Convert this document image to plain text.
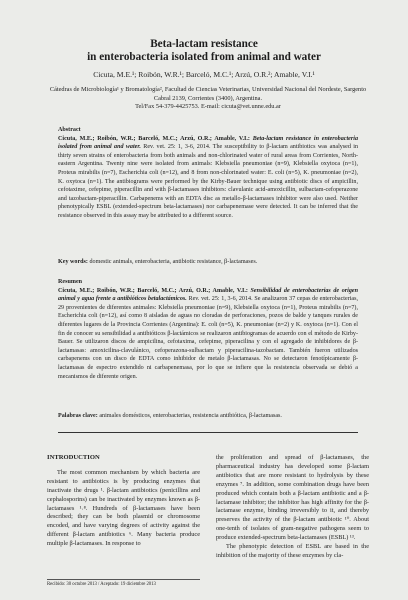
Beta-lactam resistance
in enterobacteria isolated from animal and water
Cicuta, M.E.¹; Roibón, W.R.¹; Barceló, M.C.¹; Arzú, O.R.²; Amable, V.I.¹
Cátedras de Microbiología¹ y Bromatología², Facultad de Ciencias Veterinarias, Universidad Nacional del Nordeste, Sargento Cabral 2139, Corrientes (3400), Argentina.
Tel/Fax 54-379-4425753. E-mail: cicuta@vet.unne.edu.ar
Abstract
Cicuta, M.E.; Roibón, W.R.; Barceló, M.C.; Arzú, O.R.; Amable, V.I.: Beta-lactam resistance in enterobacteria isolated from animal and water. Rev. vet. 25: 1, 3-6, 2014. The susceptibility to β-lactam antibiotics was analysed in thirty seven strains of enterobacteria from both animals and non-chlorinated water of rural areas from Corrientes, North-eastern Argentina. Twenty nine were isolated from animals: Klebsiella pneumoniae (n=9), Klebsiella oxytoca (n=1), Proteus mirabilis (n=7), Escherichia coli (n=12), and 8 from non-chlorinated water: E. coli (n=5), K. pneumoniae (n=2), K. oxytoca (n=1). The antibiograms were performed by the Kirby-Bauer technique using antibiotic discs of ampicillin, cefotaxime, cefepime, piperacillin and with β-lactamases inhibitors: clavulanic acid-amoxicillin, sulbactam-cefoperazone and tazobactam-piperacillin. Carbapenems with an EDTA disc as metallo-β-lactamases inhibitor were also used. Neither phenotypically ESBL (extended-spectrum beta-lactamases) nor carbapenemase were detected. It can be inferred that the resistance observed in this assay may be attributed to a different source.
Key words: domestic animals, enterobacteria, antibiotic resistance, β-lactamases.
Resumen
Cicuta, M.E.; Roibón, W.R.; Barceló, M.C.; Arzú, O.R.; Amable, V.I.: Sensibilidad de enterobacterias de origen animal y agua frente a antibióticos betalactámicos. Rev. vet. 25: 1, 3-6, 2014. Se analizaron 37 cepas de enterobacterias, 29 provenientes de diferentes animales: Klebsiella pneumoniae (n=9), Klebsiella oxytoca (n=1), Proteus mirabilis (n=7), Escherichia coli (n=12), así como 8 aisladas de aguas no cloradas de perforaciones, pozos de balde y tanques rurales de diferentes lugares de la Provincia Corrientes (Argentina): E. coli (n=5), K. pneumoniae (n=2) y K. oxytoca (n=1). Con el fin de conocer su sensibilidad a antibióticos β-lactámicos se realizaron antibiogramas de acuerdo con el método de Kirby-Bauer. Se utilizaron discos de ampicilina, cefotaxima, cefepime, piperacilina y con el agregado de inhibidores de β-lactamasas: amoxicilina-clavulánico, cefoperazona-sulbactam y piperacilina-tazobactam. También fueron utilizados carbapenems con un disco de EDTA como inhibidor de metalo β-lactamasas. No se detectaron fenotípicamente β-lactamasas de espectro extendido ni carbapenemasa, por lo que se infiere que la resistencia observada se debió a mecanismos de diferente origen.
Palabras clave: animales domésticos, enterobacterias, resistencia antibiótica, β-lactamasas.
INTRODUCTION

The most common mechanism by which bacteria are resistant to antibiotics is by producing enzymes that inactivate the drugs ¹. β-lactam antibiotics (penicillins and cephalosporins) can be inactivated by enzymes known as β-lactamases ¹˒⁸. Hundreds of β-lactamases have been described; they can be both plasmid or chromosome encoded, and have varying degrees of activity against the different β-lactam antibiotics ⁶. Many bacteria produce multiple β-lactamases. In response to

the proliferation and spread of β-lactamases, the pharmaceutical industry has developed some β-lactam antibiotics that are more resistant to hydrolysis by these enzymes ⁷. In addition, some combination drugs have been produced which contain both a β-lactam antibiotic and a β-lactamase inhibitor; the inhibitor has high affinity for the β-lactamase enzyme, binding irreversibly to it, and thereby preserves the activity of the β-lactam antibiotic ¹⁰. About one-tenth of isolates of gram-negative pathogens seem to produce extended-spectrum beta-lactamases (ESBL) ¹³.

The phenotypic detection of ESBL are based in the inhibition of the majority of these enzymes by cla-

Recibido: 30 octubre 2013 / Aceptado: 19 diciembre 2013
